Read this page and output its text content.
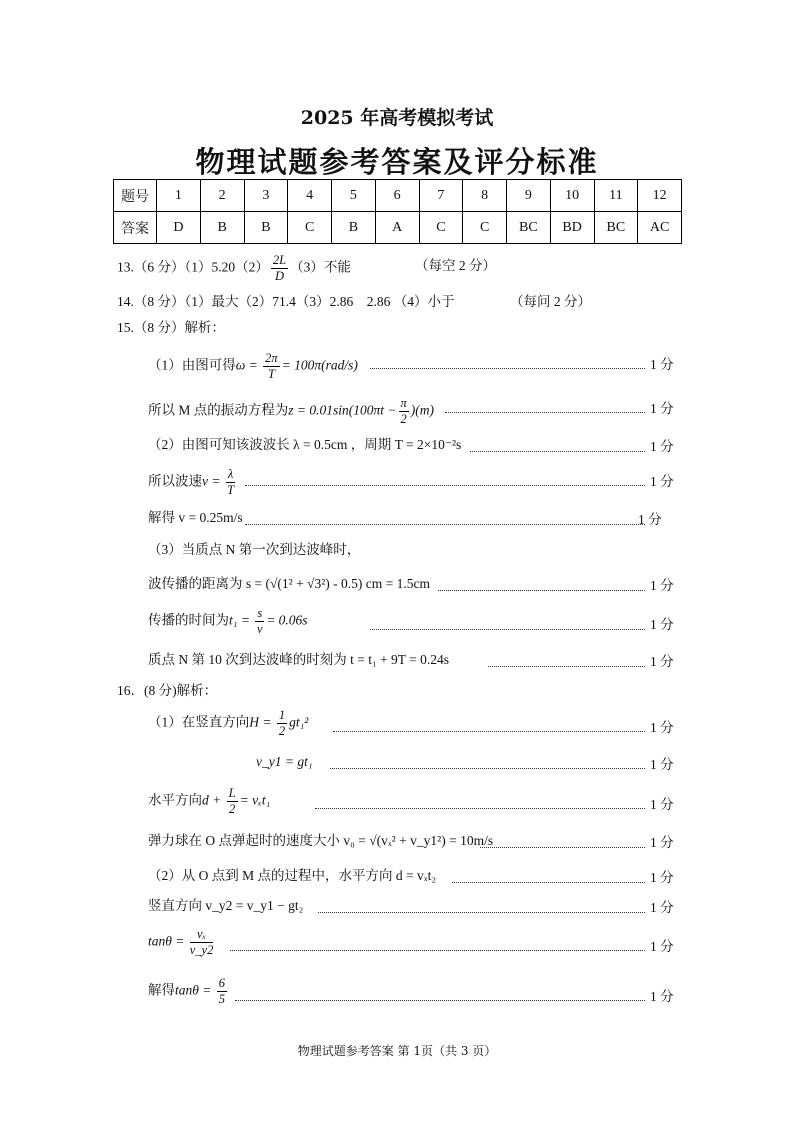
2025 年高考模拟考试
物理试题参考答案及评分标准
题号	1	2	3	4	5	6	7	8	9	10	11	12
答案	D	B	B	C	B	A	C	C	BC	BD	BC	AC
13.（6 分）$(1)5.20(2) \frac{2L}{D} (3)$不能	（每空 2 分）
14.（8 分）（1）最大（2）71.4（3）2.86　2.86 （4）小于	（每问 2 分）
15.（8 分）解析：
（1）由图可得$\omega = \frac{2\pi}{T} = 100\pi(rad/s)$	1 分
所以 M 点的振动方程为$z = 0.01\sin(100\pi t - \frac{\pi}{2} )(m)$	1 分
（2）由图可知该波波长 λ = 0.5cm ，周期 T = 2×10⁻²s	1 分
所以波速$v = \frac{\lambda}{T}$	1 分
解得 v = 0.25m/s	1 分
（3）当质点 N 第一次到达波峰时，
波传播的距离为 s = (√(1² + √3²) - 0.5) cm = 1.5cm	1 分
传播的时间为$t_1 = \frac{s}{v} = 0.06s$	1 分
质点 N 第 10 次到达波峰的时刻为 t = t₁ + 9T = 0.24s	1 分
16．(8 分)解析：
（1）在竖直方向$H = \frac{1}{2} gt_1^2$	1 分
v_y1 = gt₁	1 分
水平方向$d + \frac{L}{2} = v_xt_1$	1 分
弹力球在 O 点弹起时的速度大小 v₀ = √(vₓ² + v_y1²) = 10m/s	1 分
（2）从 O 点到 M 点的过程中，水平方向 d = vₓt₂	1 分
竖直方向 v_y2 = v_y1 − gt₂	1 分
$\tan\theta = \frac{\text{vₓ}}{v\_y2}$	1 分
解得$\tan\theta = \frac{6}{5}$	1 分
物理试题参考答案 第 1页（共 3 页）
